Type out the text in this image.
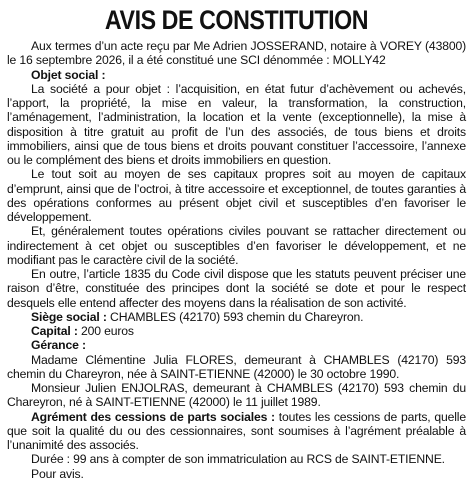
AVIS DE CONSTITUTION

Aux termes d’un acte reçu par Me Adrien JOSSERAND, notaire à VOREY (43800) le 16 septembre 2026, il a été constitué une SCI dénommée : MOLLY42

Objet social :

La société a pour objet : l’acquisition, en état futur d’achèvement ou achevés, l’apport, la propriété, la mise en valeur, la transformation, la construction, l’aménagement, l’administration, la location et la vente (exceptionnelle), la mise à disposition à titre gratuit au profit de l’un des associés, de tous biens et droits immobiliers, ainsi que de tous biens et droits pouvant constituer l’accessoire, l’annexe ou le complément des biens et droits immobiliers en question.

Le tout soit au moyen de ses capitaux propres soit au moyen de capitaux d’emprunt, ainsi que de l’octroi, à titre accessoire et exceptionnel, de toutes garanties à des opérations conformes au présent objet civil et susceptibles d’en favoriser le développement.

Et, généralement toutes opérations civiles pouvant se rattacher directement ou indirectement à cet objet ou susceptibles d’en favoriser le développement, et ne modifiant pas le caractère civil de la société.

En outre, l’article 1835 du Code civil dispose que les statuts peuvent préciser une raison d’être, constituée des principes dont la société se dote et pour le respect desquels elle entend affecter des moyens dans la réalisation de son activité.

Siège social : CHAMBLES (42170) 593 chemin du Chareyron.

Capital : 200 euros

Gérance :

Madame Clémentine Julia FLORES, demeurant à CHAMBLES (42170) 593 chemin du Chareyron, née à SAINT-ETIENNE (42000) le 30 octobre 1990.

Monsieur Julien ENJOLRAS, demeurant à CHAMBLES (42170) 593 chemin du Chareyron, né à SAINT-ETIENNE (42000) le 11 juillet 1989.

Agrément des cessions de parts sociales : toutes les cessions de parts, quelle que soit la qualité du ou des cessionnaires, sont soumises à l’agrément préalable à l’unanimité des associés.

Durée : 99 ans à compter de son immatriculation au RCS de SAINT-ETIENNE.

Pour avis.
